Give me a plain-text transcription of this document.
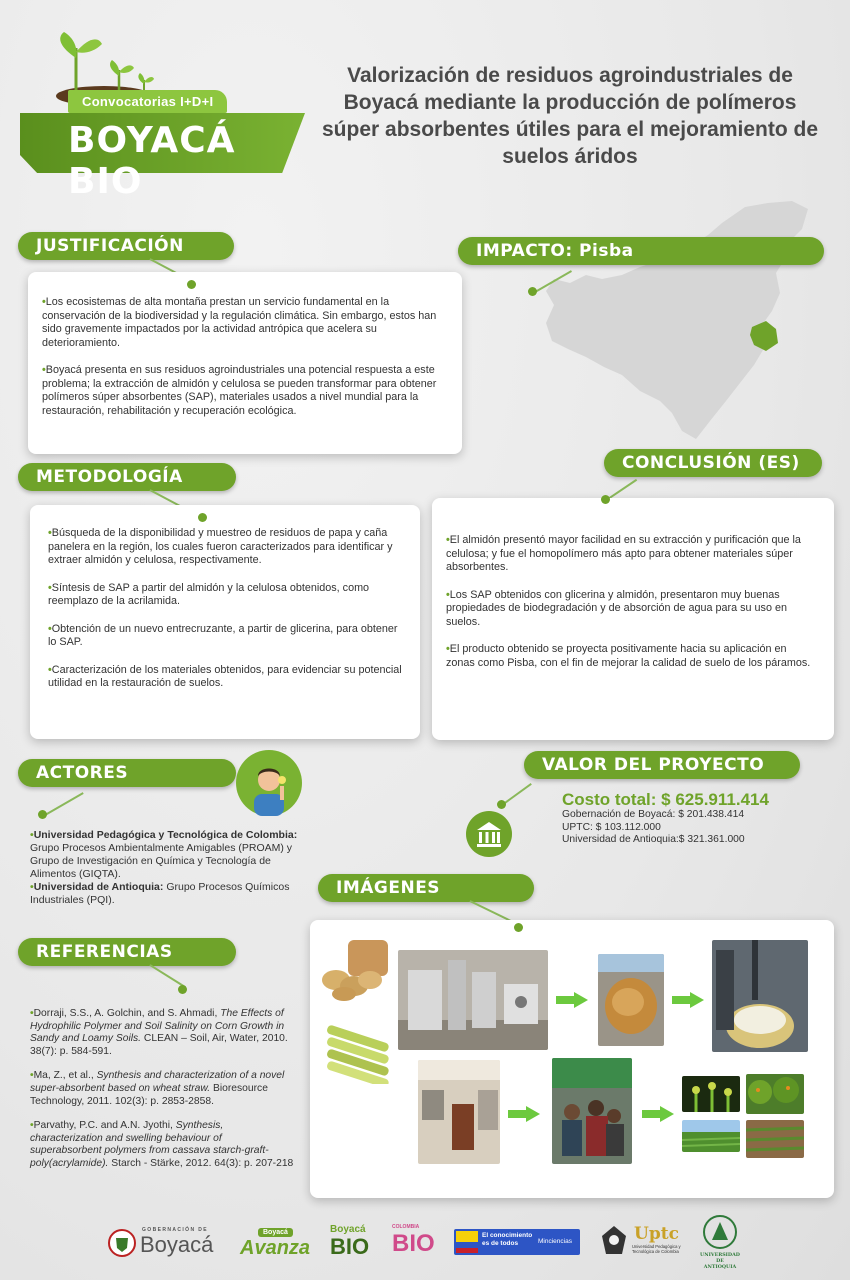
Convocatorias I+D+I
BOYACÁ BIO
Valorización de residuos agroindustriales de Boyacá mediante la producción de polímeros súper absorbentes útiles para el mejoramiento de suelos áridos
JUSTIFICACIÓN

•Los ecosistemas de alta montaña prestan un servicio fundamental en la conservación de la biodiversidad y la regulación climática. Sin embargo, estos han sido gravemente impactados por la actividad antrópica que acelera su deterioramiento.

•Boyacá presenta en sus residuos agroindustriales una potencial respuesta a este problema; la extracción de almidón y celulosa se pueden transformar para obtener polímeros súper absorbentes (SAP), materiales usados a nivel mundial para la restauración, rehabilitación y recuperación ecológica.

IMPACTO: Pisba
METODOLOGÍA

•Búsqueda de la disponibilidad y muestreo de residuos de papa y caña panelera en la región, los cuales fueron caracterizados para identificar y extraer almidón y celulosa, respectivamente.

•Síntesis de SAP a partir del almidón y la celulosa obtenidos, como reemplazo de la acrilamida.

•Obtención de un nuevo entrecruzante, a partir de glicerina, para obtener lo SAP.

•Caracterización de los materiales obtenidos, para evidenciar su potencial utilidad en la restauración de suelos.

CONCLUSIÓN (ES)

•El almidón presentó mayor facilidad en su extracción y purificación que la celulosa; y fue el homopolímero más apto para obtener materiales súper absorbentes.

•Los SAP obtenidos con glicerina y almidón, presentaron muy buenas propiedades de biodegradación y de absorción de agua para su uso en suelos.

•El producto obtenido se proyecta positivamente hacia su aplicación en zonas como Pisba, con el fin de mejorar la calidad de suelo de los páramos.

ACTORES
•Universidad Pedagógica y Tecnológica de Colombia: Grupo Procesos Ambientalmente Amigables (PROAM) y Grupo de Investigación en Química y Tecnología de Alimentos (GIQTA).
•Universidad de Antioquia: Grupo Procesos Químicos Industriales (PQI).
VALOR DEL PROYECTO
Costo total: $ 625.911.414
Gobernación de Boyacá: $ 201.438.414
UPTC: $ 103.112.000
Universidad de Antioquia:$ 321.361.000
IMÁGENES
REFERENCIAS

•Dorraji, S.S., A. Golchin, and S. Ahmadi, The Effects of Hydrophilic Polymer and Soil Salinity on Corn Growth in Sandy and Loamy Soils. CLEAN – Soil, Air, Water, 2010. 38(7): p. 584-591.

•Ma, Z., et al., Synthesis and characterization of a novel super-absorbent based on wheat straw. Bioresource Technology, 2011. 102(3): p. 2853-2858.

•Parvathy, P.C. and A.N. Jyothi, Synthesis, characterization and swelling behaviour of superabsorbent polymers from cassava starch-graft-poly(acrylamide). Starch - Stärke, 2012. 64(3): p. 207-218

GOBERNACIÓN DE
Boyacá	Boyacá
Avanza
Boyacá
BIO
COLOMBIA
BIO	El conocimiento
es de todos	Minciencias	Uptc
Universidad Pedagógica y
Tecnológica de Colombia
UNIVERSIDAD
DE ANTIOQUIA
